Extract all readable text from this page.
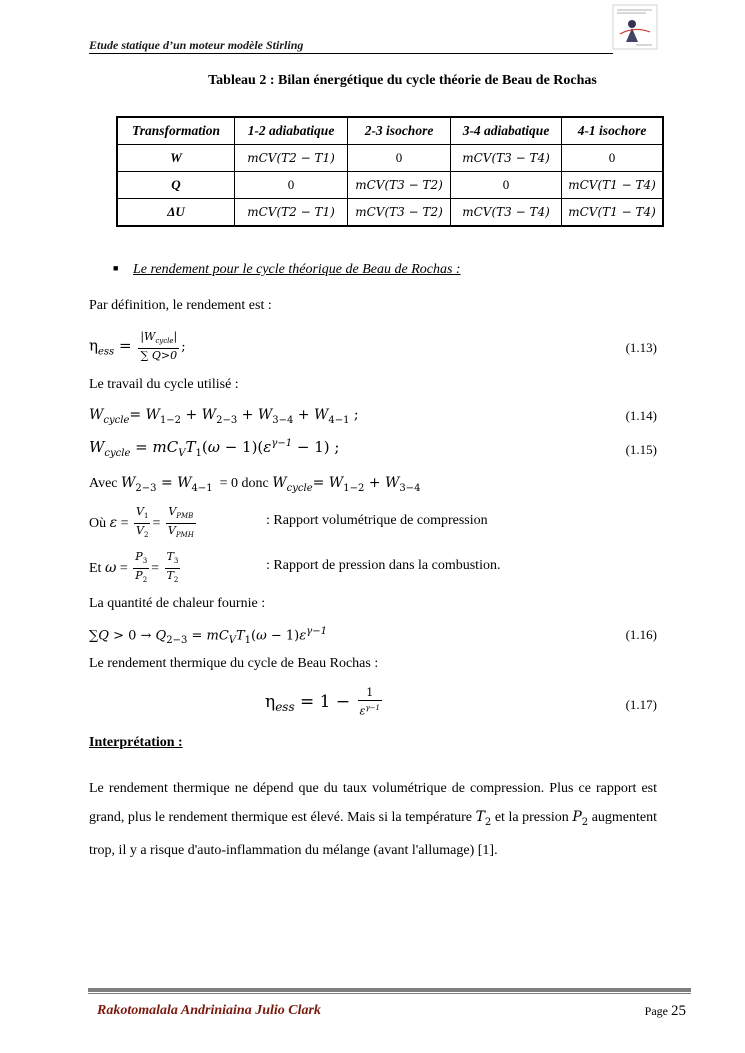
Etude statique d’un moteur modèle Stirling
Tableau 2 : Bilan énergétique du cycle théorie de Beau de Rochas
Transformation	1-2 adiabatique	2-3 isochore	3-4 adiabatique	4-1 isochore
W	mCV(T2 − T1)	0	mCV(T3 − T4)	0
Q	0	mCV(T3 − T2)	0	mCV(T1 − T4)
ΔU	mCV(T2 − T1)	mCV(T3 − T2)	mCV(T3 − T4)	mCV(T1 − T4)
■ Le rendement pour le cycle théorique de Beau de Rochas :
Par définition, le rendement est :
$\eta_{ess} = \frac{|W_{cycle}|}{\sum Q>0}$ ;	(1.13)
Le travail du cycle utilisé :
$W_{cycle}= W_{1-2} + W_{2-3} + W_{3-4} + W_{4-1}$ ;	(1.14)
$W_{cycle} = mC_VT_1(\omega - 1)(\varepsilon^{\gamma-1} - 1)$ ;	(1.15)
Avec $W_{2-3} = W_{4-1} = 0$ donc $W_{cycle}= W_{1-2} + W_{3-4}$
Où $\varepsilon = \frac{V_1}{V_2} = \frac{V_{PMB}}{V_{PMH}}$	: Rapport volumétrique de compression
Et $\omega = \frac{P_3}{P_2} = \frac{T_3}{T_2}$	: Rapport de pression dans la combustion.
La quantité de chaleur fournie :
$\sum Q > 0 \to Q_{2-3} = mC_VT_1(\omega - 1)\varepsilon^{\gamma-1}$	(1.16)
Le rendement thermique du cycle de Beau Rochas :
$\eta_{ess} = 1 - \frac{1}{\varepsilon^{\gamma-1}}$	(1.17)
Interprétation :
Le rendement thermique ne dépend que du taux volumétrique de compression. Plus ce rapport est grand, plus le rendement thermique est élevé. Mais si la température $T_2$ et la pression $P_2$ augmentent trop, il y a risque d'auto-inflammation du mélange (avant l'allumage) [1].
Rakotomalala Andriniaina Julio Clark	Page 25
